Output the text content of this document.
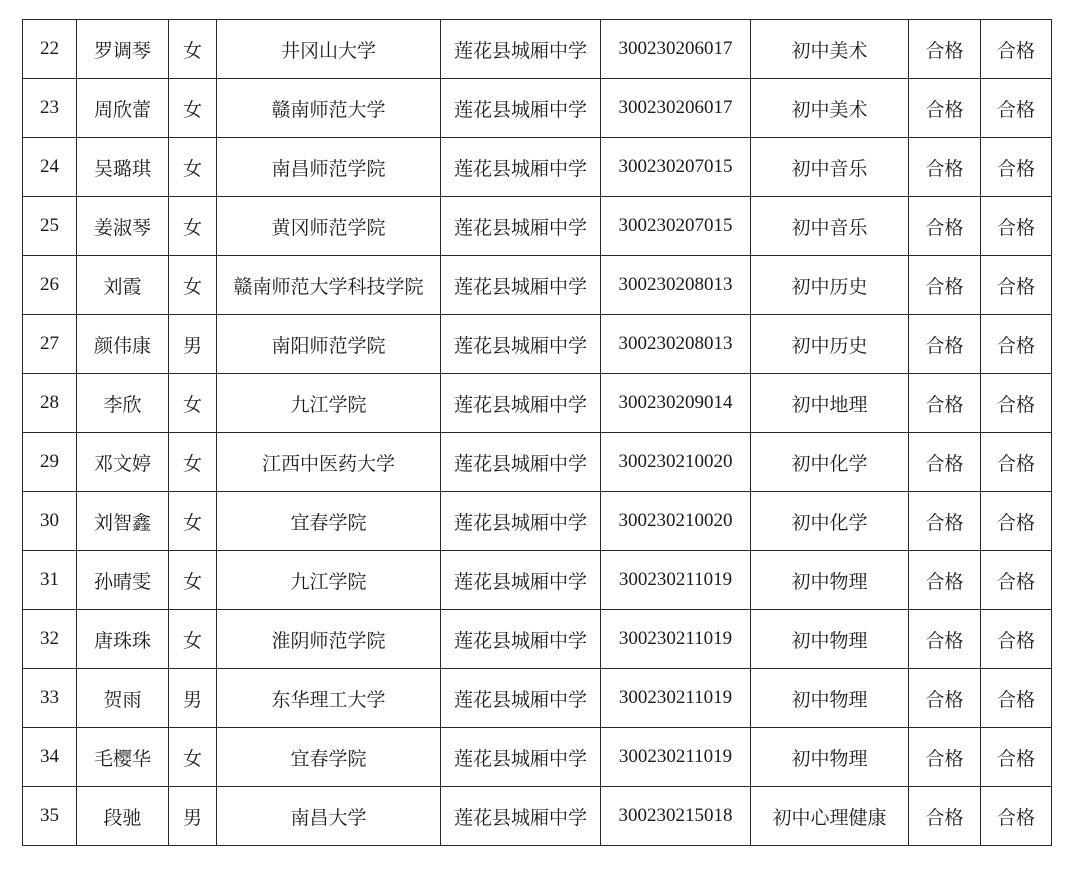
22	罗调琴	女	井冈山大学	莲花县城厢中学	300230206017	初中美术	合格	合格
23	周欣蕾	女	赣南师范大学	莲花县城厢中学	300230206017	初中美术	合格	合格
24	吴璐琪	女	南昌师范学院	莲花县城厢中学	300230207015	初中音乐	合格	合格
25	姜淑琴	女	黄冈师范学院	莲花县城厢中学	300230207015	初中音乐	合格	合格
26	刘霞	女	赣南师范大学科技学院	莲花县城厢中学	300230208013	初中历史	合格	合格
27	颜伟康	男	南阳师范学院	莲花县城厢中学	300230208013	初中历史	合格	合格
28	李欣	女	九江学院	莲花县城厢中学	300230209014	初中地理	合格	合格
29	邓文婷	女	江西中医药大学	莲花县城厢中学	300230210020	初中化学	合格	合格
30	刘智鑫	女	宜春学院	莲花县城厢中学	300230210020	初中化学	合格	合格
31	孙晴雯	女	九江学院	莲花县城厢中学	300230211019	初中物理	合格	合格
32	唐珠珠	女	淮阴师范学院	莲花县城厢中学	300230211019	初中物理	合格	合格
33	贺雨	男	东华理工大学	莲花县城厢中学	300230211019	初中物理	合格	合格
34	毛樱华	女	宜春学院	莲花县城厢中学	300230211019	初中物理	合格	合格
35	段驰	男	南昌大学	莲花县城厢中学	300230215018	初中心理健康	合格	合格
